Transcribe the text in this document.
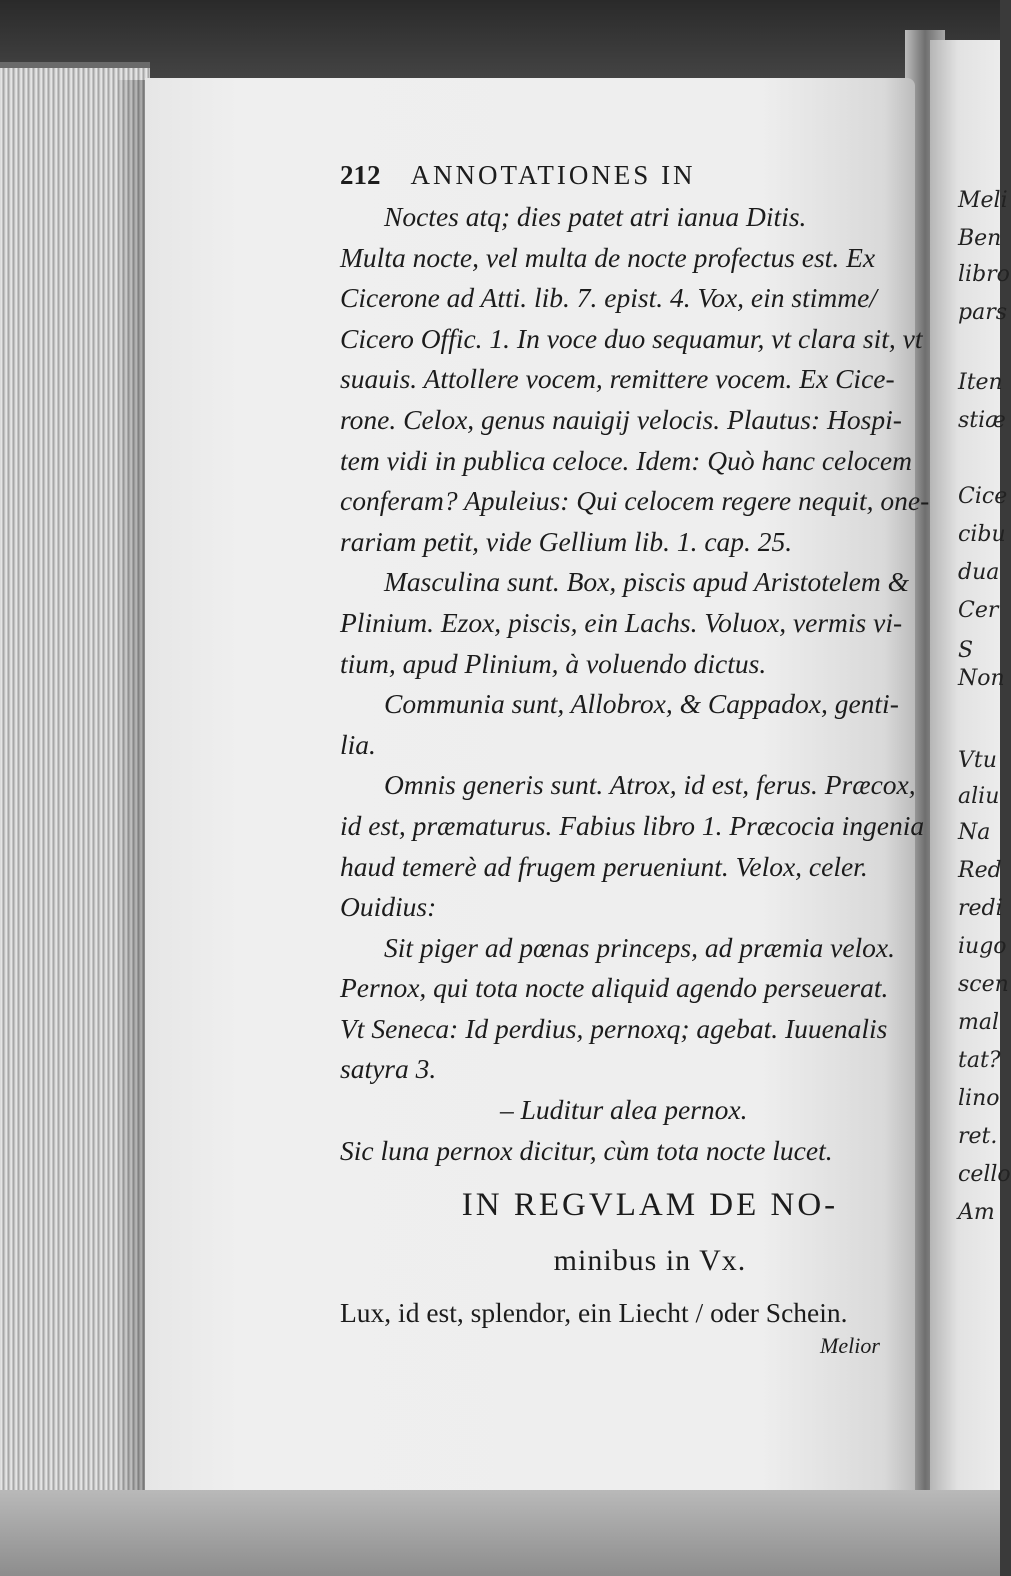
Meli
Ben
libro
pars
Iten
stiæ
Cice
cibu
dua
Cer
S
Non
Vtu
aliu
Na
Red
redi
iugo
scen
mal
tat?
lino
ret.
cello
Am
212 ANNOTATIONES IN
Noctes atq; dies patet atri ianua Ditis.
Multa nocte, vel multa de nocte profectus est. Ex
Cicerone ad Atti. lib. 7. epist. 4. Vox, ein stimme/
Cicero Offic. 1. In voce duo sequamur, vt clara sit, vt
suauis. Attollere vocem, remittere vocem. Ex Cice-
rone. Celox, genus nauigij velocis. Plautus: Hospi-
tem vidi in publica celoce. Idem: Quò hanc celocem
conferam? Apuleius: Qui celocem regere nequit, one-
rariam petit, vide Gellium lib. 1. cap. 25.
Masculina sunt. Box, piscis apud Aristotelem &
Plinium. Ezox, piscis, ein Lachs. Voluox, vermis vi-
tium, apud Plinium, à voluendo dictus.
Communia sunt, Allobrox, & Cappadox, genti-
lia.
Omnis generis sunt. Atrox, id est, ferus. Præcox,
id est, præmaturus. Fabius libro 1. Præcocia ingenia
haud temerè ad frugem perueniunt. Velox, celer.
Ouidius:
Sit piger ad pœnas princeps, ad præmia velox.
Pernox, qui tota nocte aliquid agendo perseuerat.
Vt Seneca: Id perdius, pernoxq; agebat. Iuuenalis
satyra 3.
– Luditur alea pernox.
Sic luna pernox dicitur, cùm tota nocte lucet.
IN REGVLAM DE NO-
minibus in Vx.
Lux, id est, splendor, ein Liecht / oder Schein.
Melior
